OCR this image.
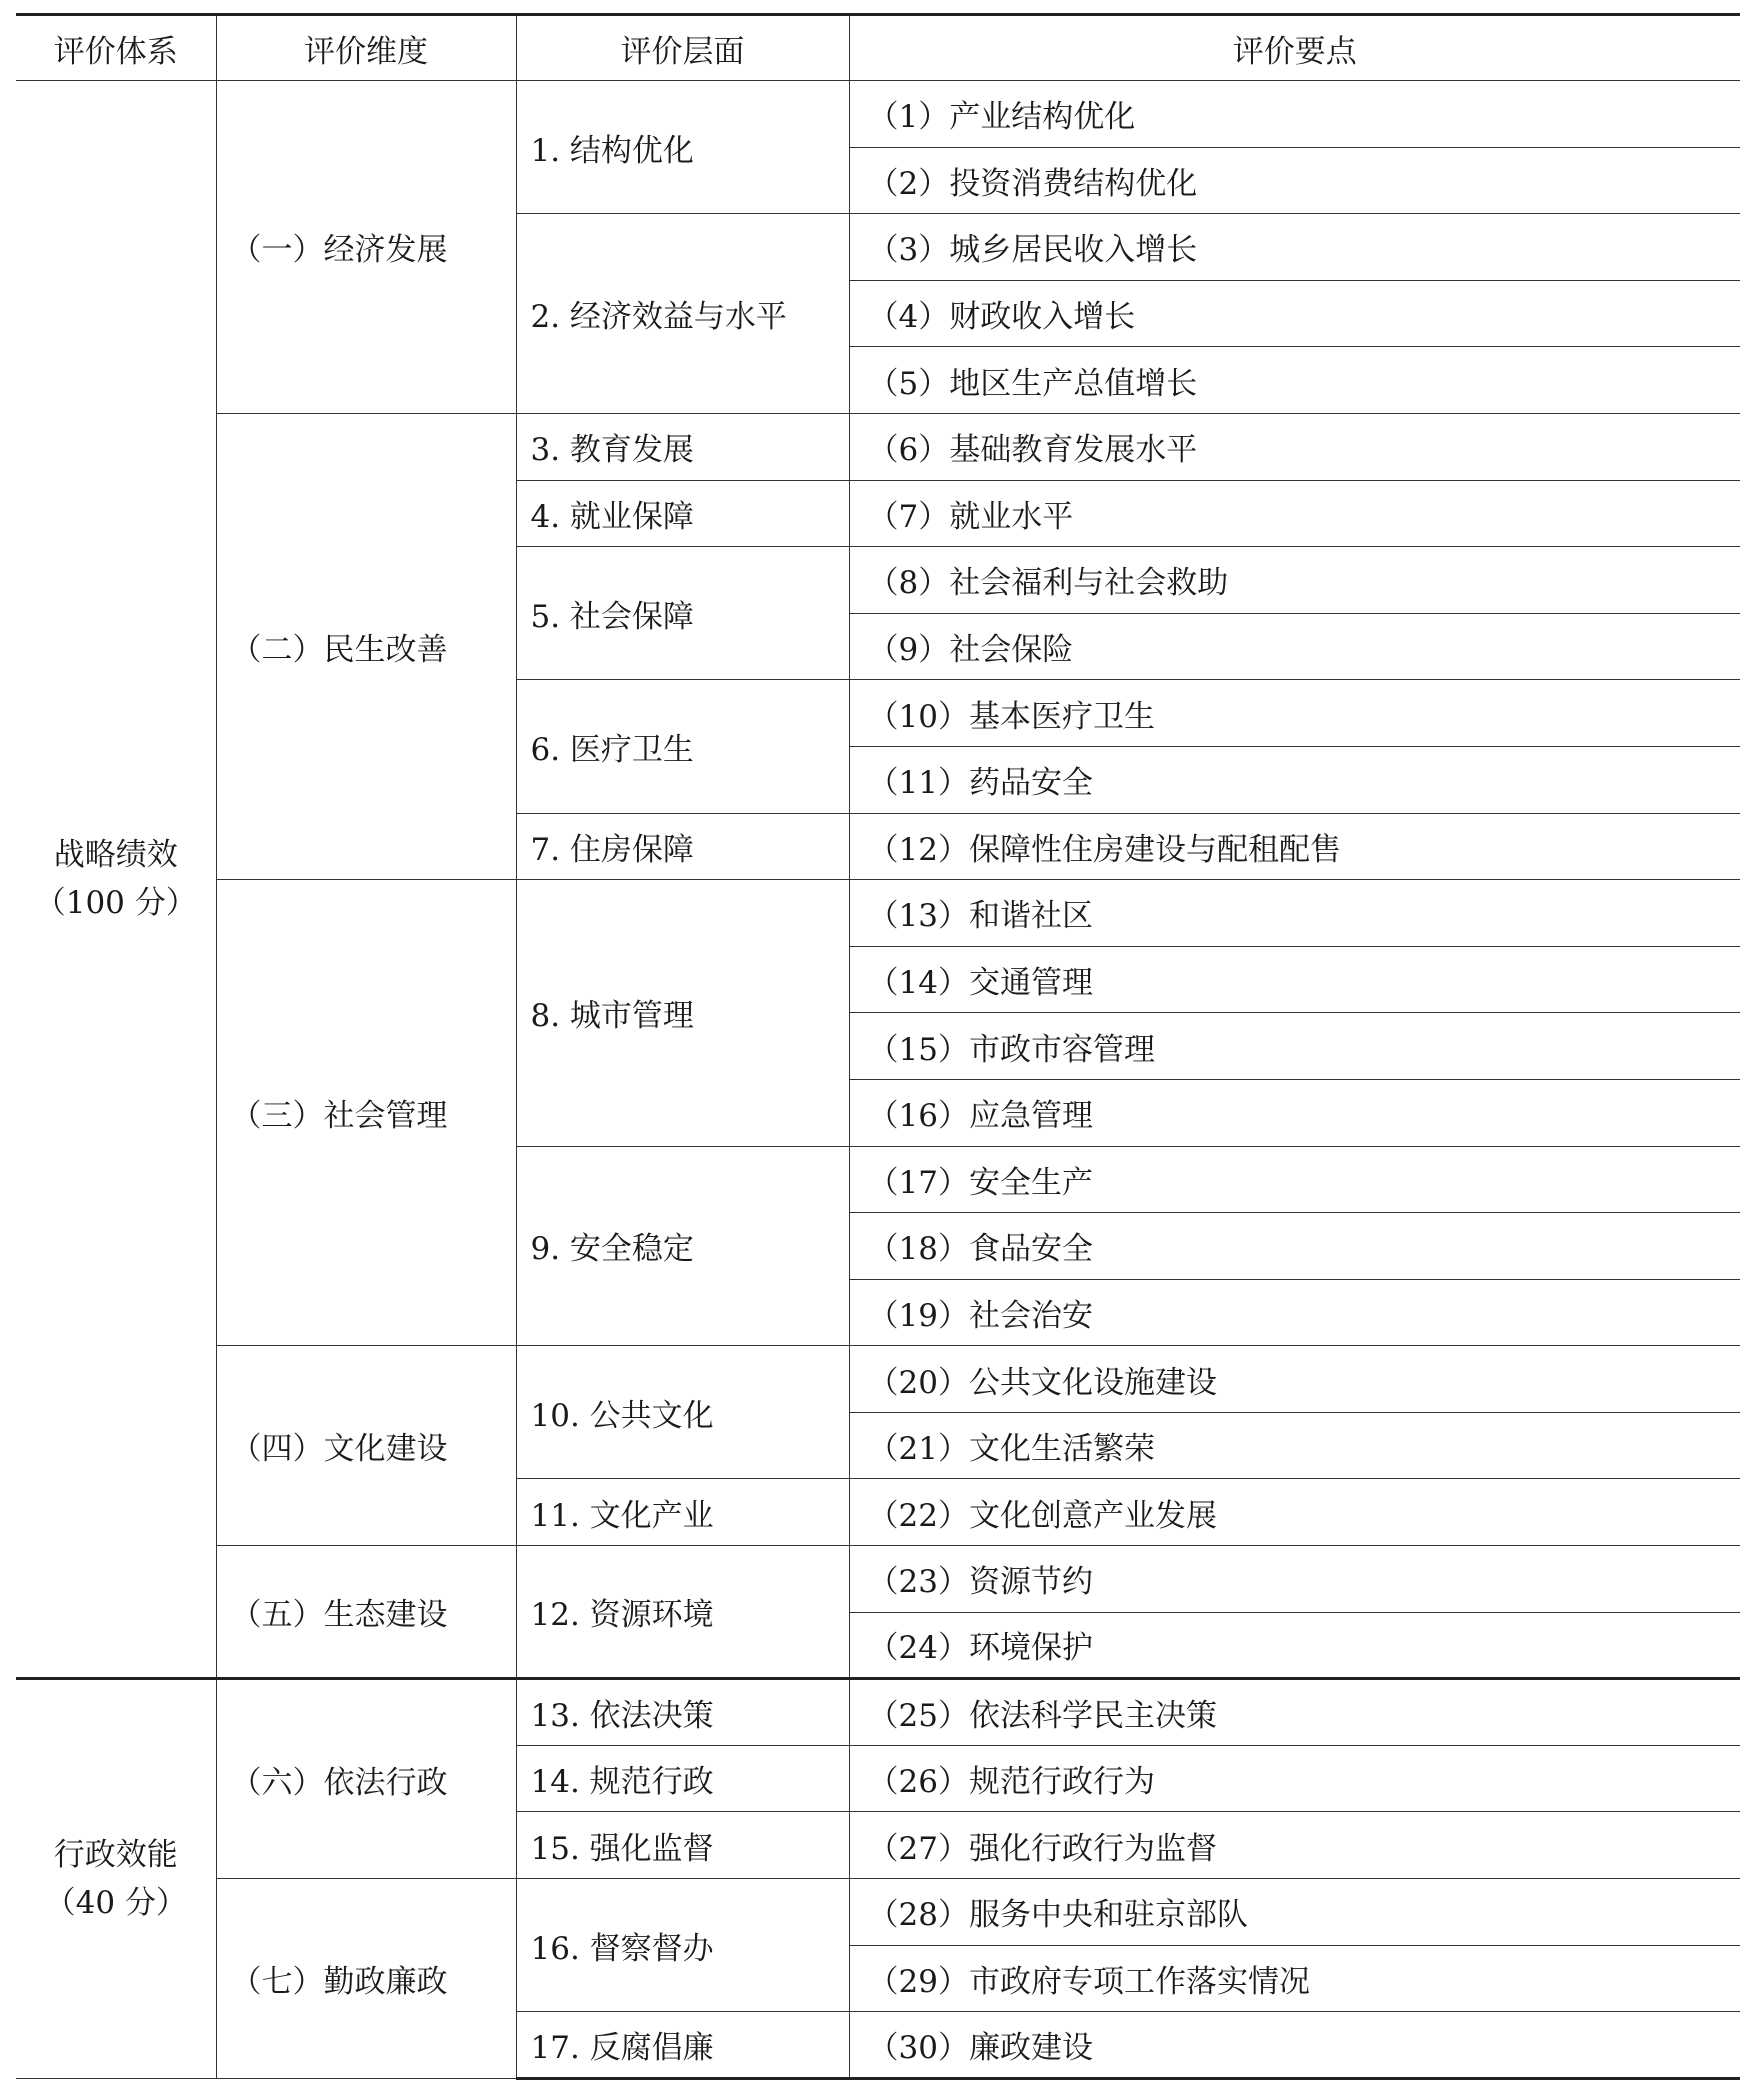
评价体系	评价维度	评价层面	评价要点

战略绩效
（100 分）	（一）经济发展	1. 结构优化	（1）产业结构优化
			（2）投资消费结构优化
		2. 经济效益与水平	（3）城乡居民收入增长
			（4）财政收入增长
			（5）地区生产总值增长
	（二）民生改善	3. 教育发展	（6）基础教育发展水平
		4. 就业保障	（7）就业水平
		5. 社会保障	（8）社会福利与社会救助
			（9）社会保险
		6. 医疗卫生	（10）基本医疗卫生
			（11）药品安全
		7. 住房保障	（12）保障性住房建设与配租配售
	（三）社会管理	8. 城市管理	（13）和谐社区
			（14）交通管理
			（15）市政市容管理
			（16）应急管理
		9. 安全稳定	（17）安全生产
			（18）食品安全
			（19）社会治安
	（四）文化建设	10. 公共文化	（20）公共文化设施建设
			（21）文化生活繁荣
		11. 文化产业	（22）文化创意产业发展
	（五）生态建设	12. 资源环境	（23）资源节约
			（24）环境保护

行政效能
（40 分）	（六）依法行政	13. 依法决策	（25）依法科学民主决策
		14. 规范行政	（26）规范行政行为
		15. 强化监督	（27）强化行政行为监督
	（七）勤政廉政	16. 督察督办	（28）服务中央和驻京部队
			（29）市政府专项工作落实情况
		17. 反腐倡廉	（30）廉政建设
